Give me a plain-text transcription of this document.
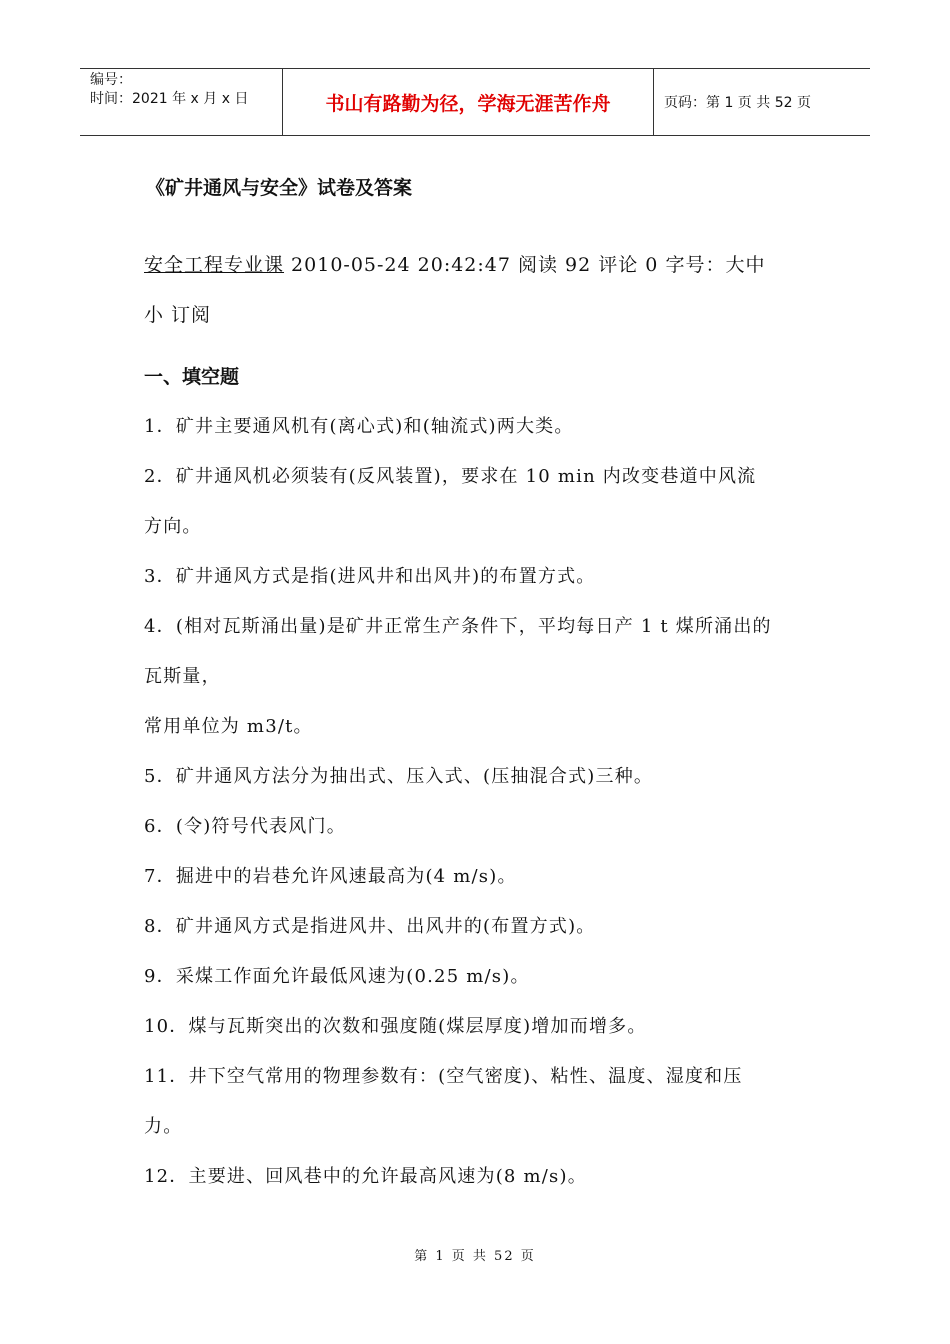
编号：
时间：2021 年 x 月 x 日	书山有路勤为径，学海无涯苦作舟	页码：第 1 页 共 52 页
《矿井通风与安全》试卷及答案
安全工程专业课 2010-05-24 20:42:47 阅读 92 评论 0 字号：大中小 订阅
一、填空题

1．矿井主要通风机有(离心式)和(轴流式)两大类。

2．矿井通风机必须装有(反风装置)，要求在 10 min 内改变巷道中风流方向。

3．矿井通风方式是指(进风井和出风井)的布置方式。

4．(相对瓦斯涌出量)是矿井正常生产条件下，平均每日产 1 t 煤所涌出的瓦斯量，

常用单位为 m3/t。

5．矿井通风方法分为抽出式、压入式、(压抽混合式)三种。

6．(令)符号代表风门。

7．掘进中的岩巷允许风速最高为(4 m/s)。

8．矿井通风方式是指进风井、出风井的(布置方式)。

9．采煤工作面允许最低风速为(0.25 m/s)。

10．煤与瓦斯突出的次数和强度随(煤层厚度)增加而增多。

11．井下空气常用的物理参数有：(空气密度)、粘性、温度、湿度和压力。

12．主要进、回风巷中的允许最高风速为(8 m/s)。

第 1 页 共 52 页
